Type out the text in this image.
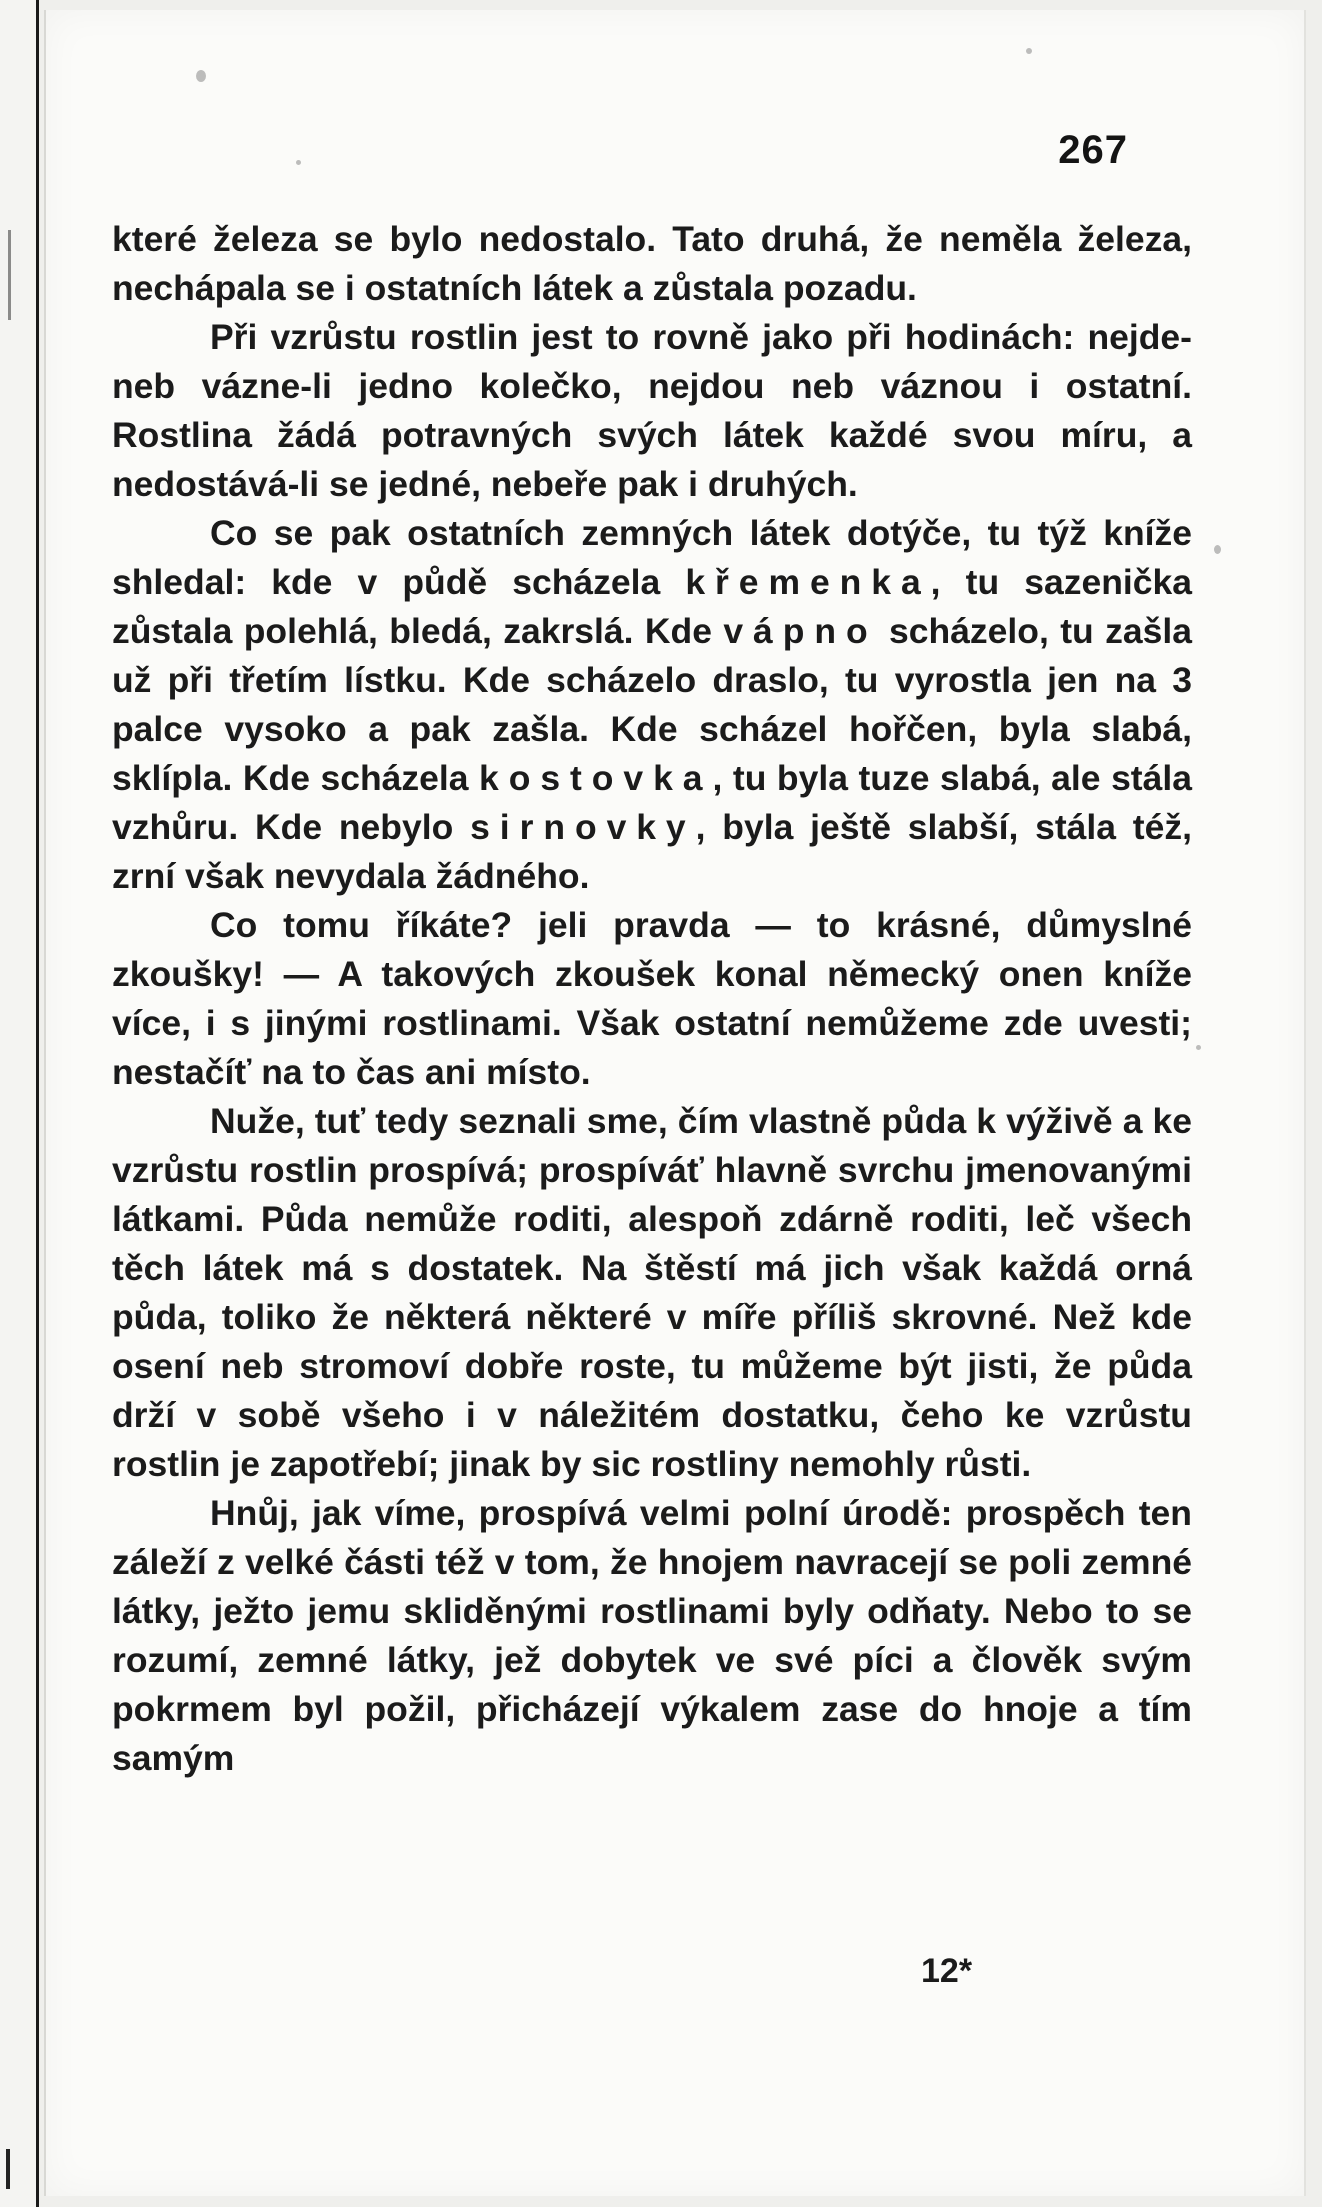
267

které železa se bylo nedostalo. Tato druhá, že neměla železa, nechápala se i ostatních látek a zůstala pozadu.

Při vzrůstu rostlin jest to rovně jako při hodinách: nejde- neb vázne-li jedno kolečko, nejdou neb váznou i ostatní. Rostlina žádá potravných svých látek každé svou míru, a nedostává-li se jedné, nebeře pak i druhých.

Co se pak ostatních zemných látek dotýče, tu týž kníže shledal: kde v půdě scházela křemenka, tu sazenička zůstala polehlá, bledá, zakrslá. Kde vápno scházelo, tu zašla už při třetím lístku. Kde scházelo draslo, tu vyrostla jen na 3 palce vysoko a pak zašla. Kde scházel hořčen, byla slabá, sklípla. Kde scházela kostovka, tu byla tuze slabá, ale stála vzhůru. Kde nebylo sirnovky, byla ještě slabší, stála též, zrní však nevydala žádného.

Co tomu říkáte? jeli pravda — to krásné, důmyslné zkoušky! — A takových zkoušek konal německý onen kníže více, i s jinými rostlinami. Však ostatní nemůžeme zde uvesti; nestačíť na to čas ani místo.

Nuže, tuť tedy seznali sme, čím vlastně půda k výživě a ke vzrůstu rostlin prospívá; prospíváť hlavně svrchu jmenovanými látkami. Půda nemůže roditi, alespoň zdárně roditi, leč všech těch látek má s dostatek. Na štěstí má jich však každá orná půda, toliko že některá některé v míře příliš skrovné. Než kde osení neb stromoví dobře roste, tu můžeme být jisti, že půda drží v sobě všeho i v náležitém dostatku, čeho ke vzrůstu rostlin je zapotřebí; jinak by sic rostliny nemohly růsti.

Hnůj, jak víme, prospívá velmi polní úrodě: prospěch ten záleží z velké části též v tom, že hnojem navracejí se poli zemné látky, ježto jemu skliděnými rostlinami byly odňaty. Nebo to se rozumí, zemné látky, jež dobytek ve své píci a člověk svým pokrmem byl požil, přicházejí výkalem zase do hnoje a tím samým

12*
